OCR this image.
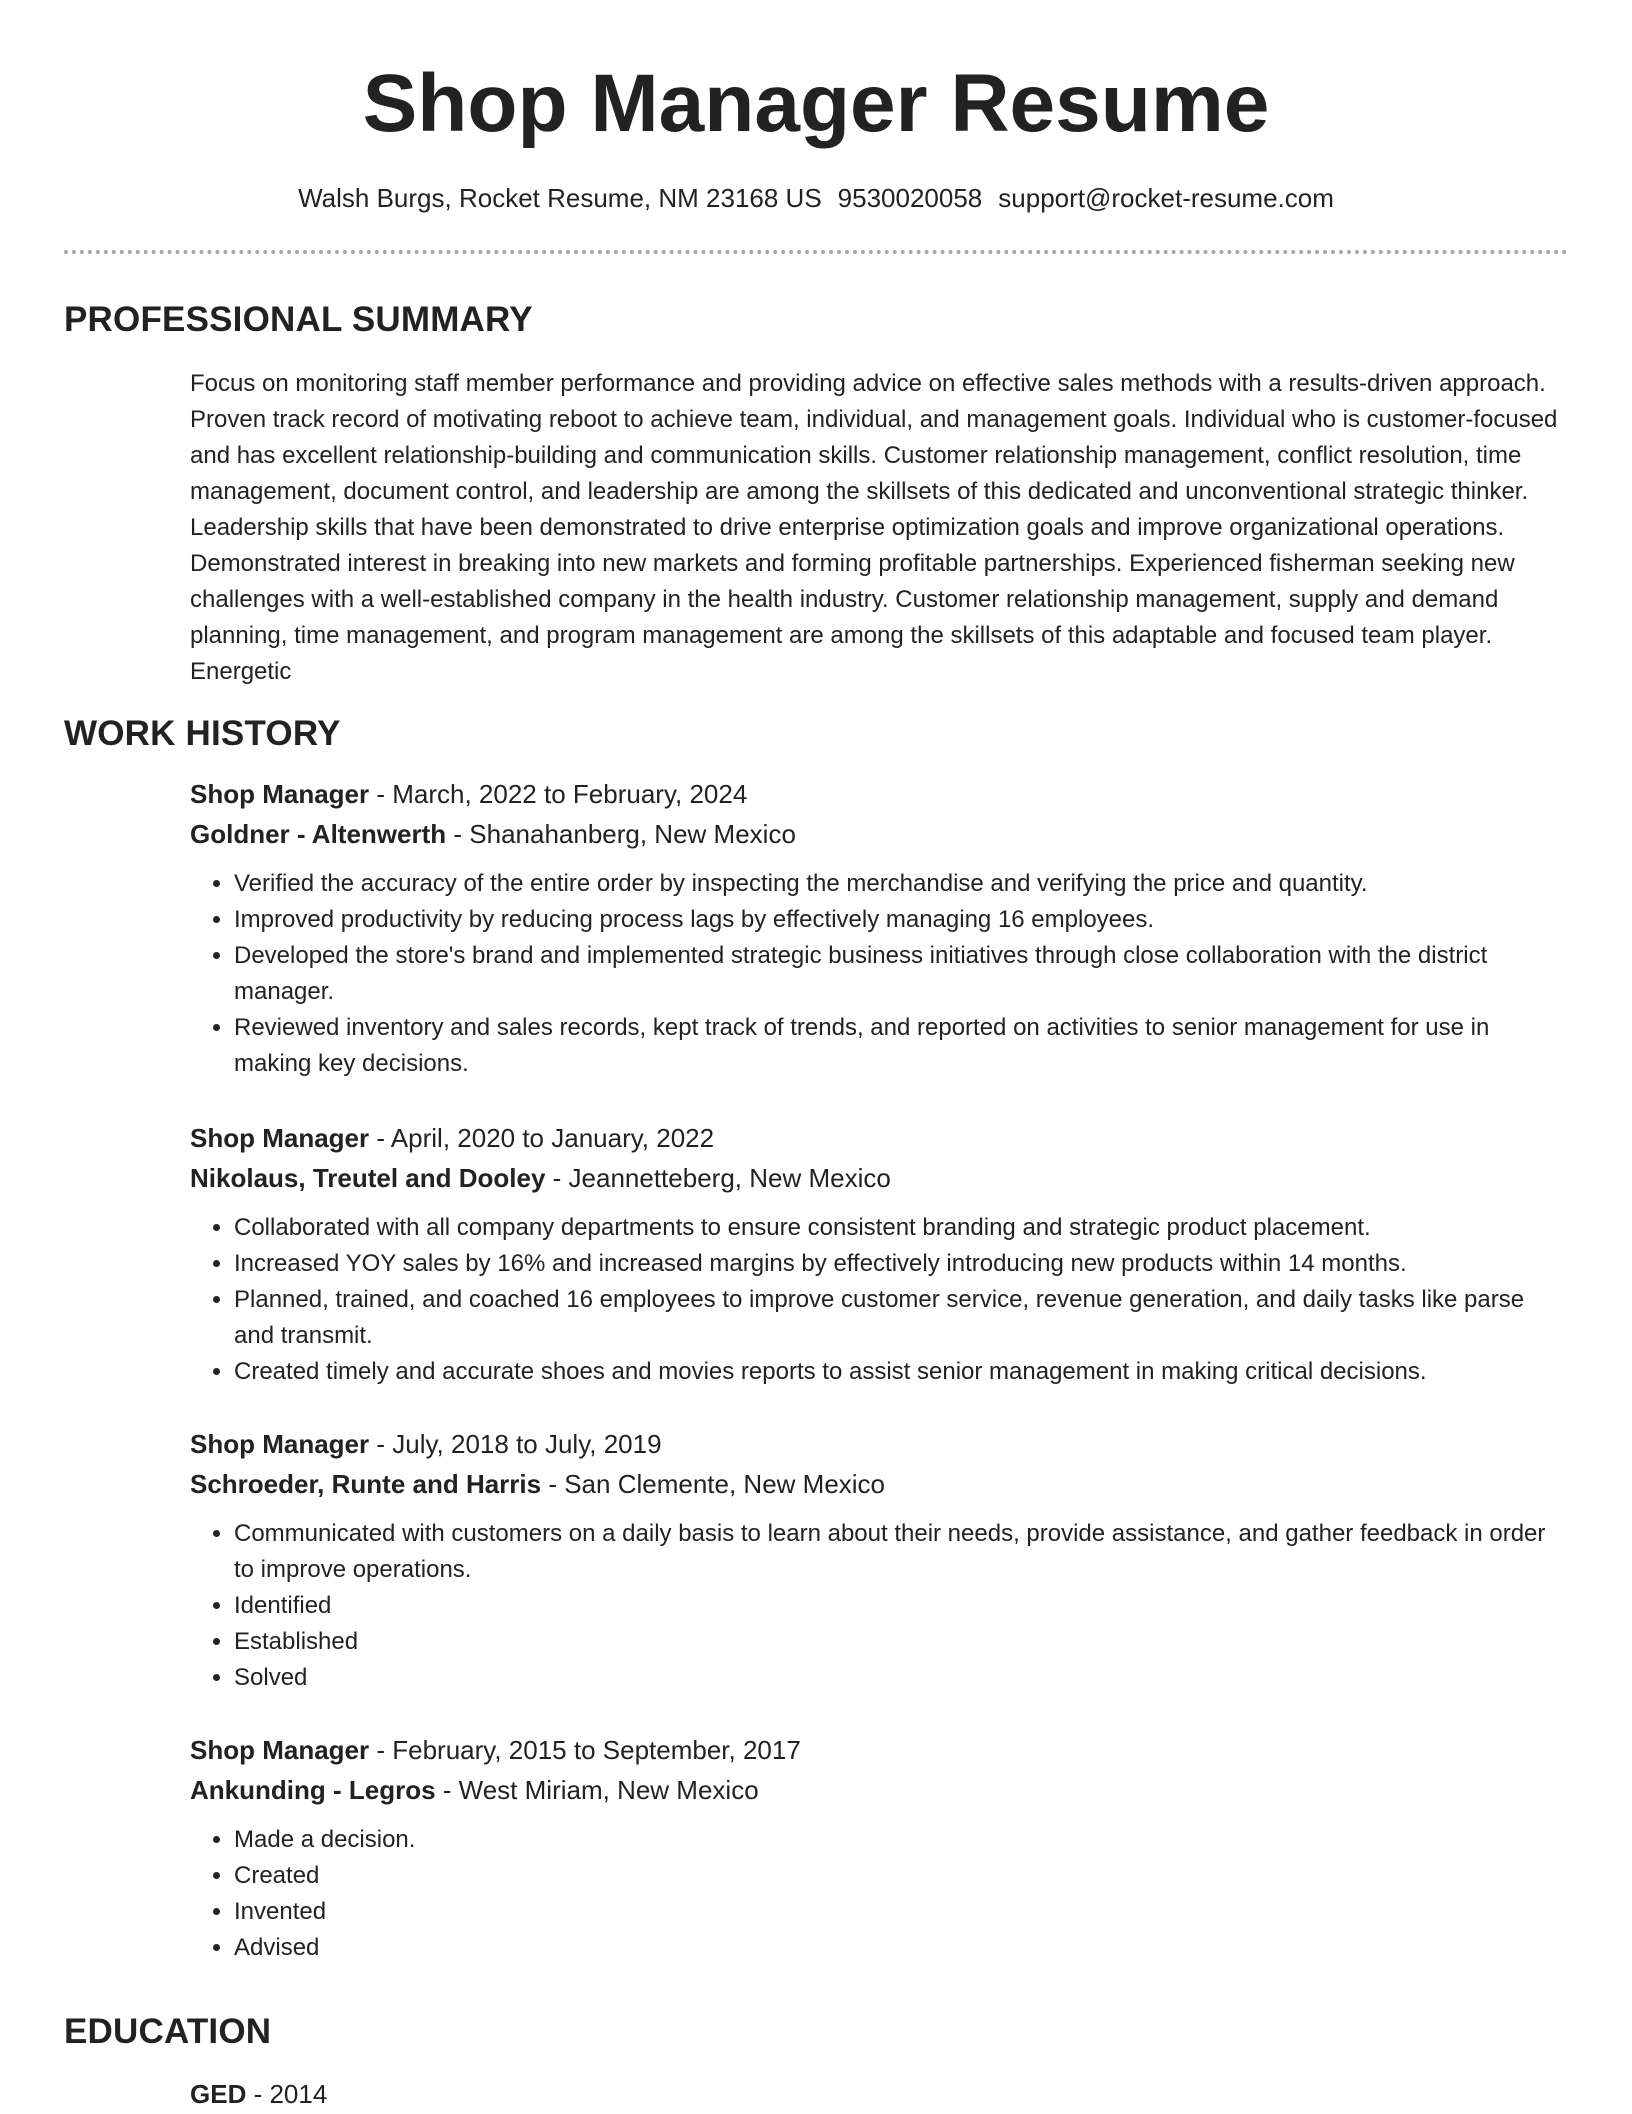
Shop Manager Resume
Walsh Burgs, Rocket Resume, NM 23168 US 9530020058 support@rocket-resume.com
PROFESSIONAL SUMMARY

Focus on monitoring staff member performance and providing advice on effective sales methods with a results-driven approach. Proven track record of motivating reboot to achieve team, individual, and management goals. Individual who is customer-focused and has excellent relationship-building and communication skills. Customer relationship management, conflict resolution, time management, document control, and leadership are among the skillsets of this dedicated and unconventional strategic thinker. Leadership skills that have been demonstrated to drive enterprise optimization goals and improve organizational operations. Demonstrated interest in breaking into new markets and forming profitable partnerships. Experienced fisherman seeking new challenges with a well-established company in the health industry. Customer relationship management, supply and demand planning, time management, and program management are among the skillsets of this adaptable and focused team player. Energetic

WORK HISTORY

Shop Manager - March, 2022 to February, 2024

Goldner - Altenwerth - Shanahanberg, New Mexico

• Verified the accuracy of the entire order by inspecting the merchandise and verifying the price and quantity.
• Improved productivity by reducing process lags by effectively managing 16 employees.
• Developed the store's brand and implemented strategic business initiatives through close collaboration with the district manager.
• Reviewed inventory and sales records, kept track of trends, and reported on activities to senior management for use in making key decisions.

Shop Manager - April, 2020 to January, 2022

Nikolaus, Treutel and Dooley - Jeannetteberg, New Mexico

• Collaborated with all company departments to ensure consistent branding and strategic product placement.
• Increased YOY sales by 16% and increased margins by effectively introducing new products within 14 months.
• Planned, trained, and coached 16 employees to improve customer service, revenue generation, and daily tasks like parse and transmit.
• Created timely and accurate shoes and movies reports to assist senior management in making critical decisions.

Shop Manager - July, 2018 to July, 2019

Schroeder, Runte and Harris - San Clemente, New Mexico

• Communicated with customers on a daily basis to learn about their needs, provide assistance, and gather feedback in order to improve operations.
• Identified
• Established
• Solved

Shop Manager - February, 2015 to September, 2017

Ankunding - Legros - West Miriam, New Mexico

• Made a decision.
• Created
• Invented
• Advised
EDUCATION

GED - 2014
